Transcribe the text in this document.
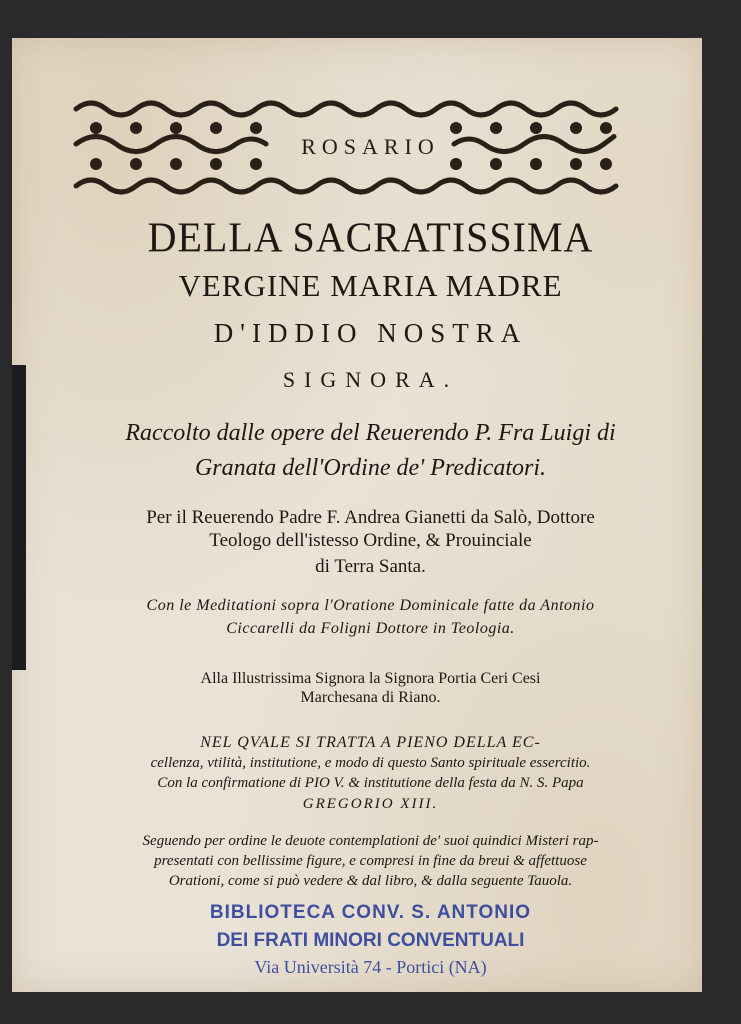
ROSARIO
DELLA SACRATISSIMA
VERGINE MARIA MADRE
D'IDDIO NOSTRA
SIGNORA.
Raccolto dalle opere del Reuerendo P. Fra Luigi di
Granata dell'Ordine de' Predicatori.
Per il Reuerendo Padre F. Andrea Gianetti da Salò, Dottore
Teologo dell'istesso Ordine, & Prouinciale
di Terra Santa.
Con le Meditationi sopra l'Oratione Dominicale fatte da Antonio
Ciccarelli da Foligni Dottore in Teologia.
Alla Illustrissima Signora la Signora Portia Ceri Cesi
Marchesana di Riano.
NEL QVALE SI TRATTA A PIENO DELLA EC-
cellenza, vtilità, institutione, e modo di questo Santo spirituale essercitio.
Con la confirmatione di PIO V. & institutione della festa da N. S. Papa
GREGORIO XIII.
Seguendo per ordine le deuote contemplationi de' suoi quindici Misteri rap-
presentati con bellissime figure, e compresi in fine da breui & affettuose
Orationi, come si può vedere & dal libro, & dalla seguente Tauola.
BIBLIOTECA CONV. S. ANTONIO
DEI FRATI MINORI CONVENTUALI
Via Università 74 - Portici (NA)
